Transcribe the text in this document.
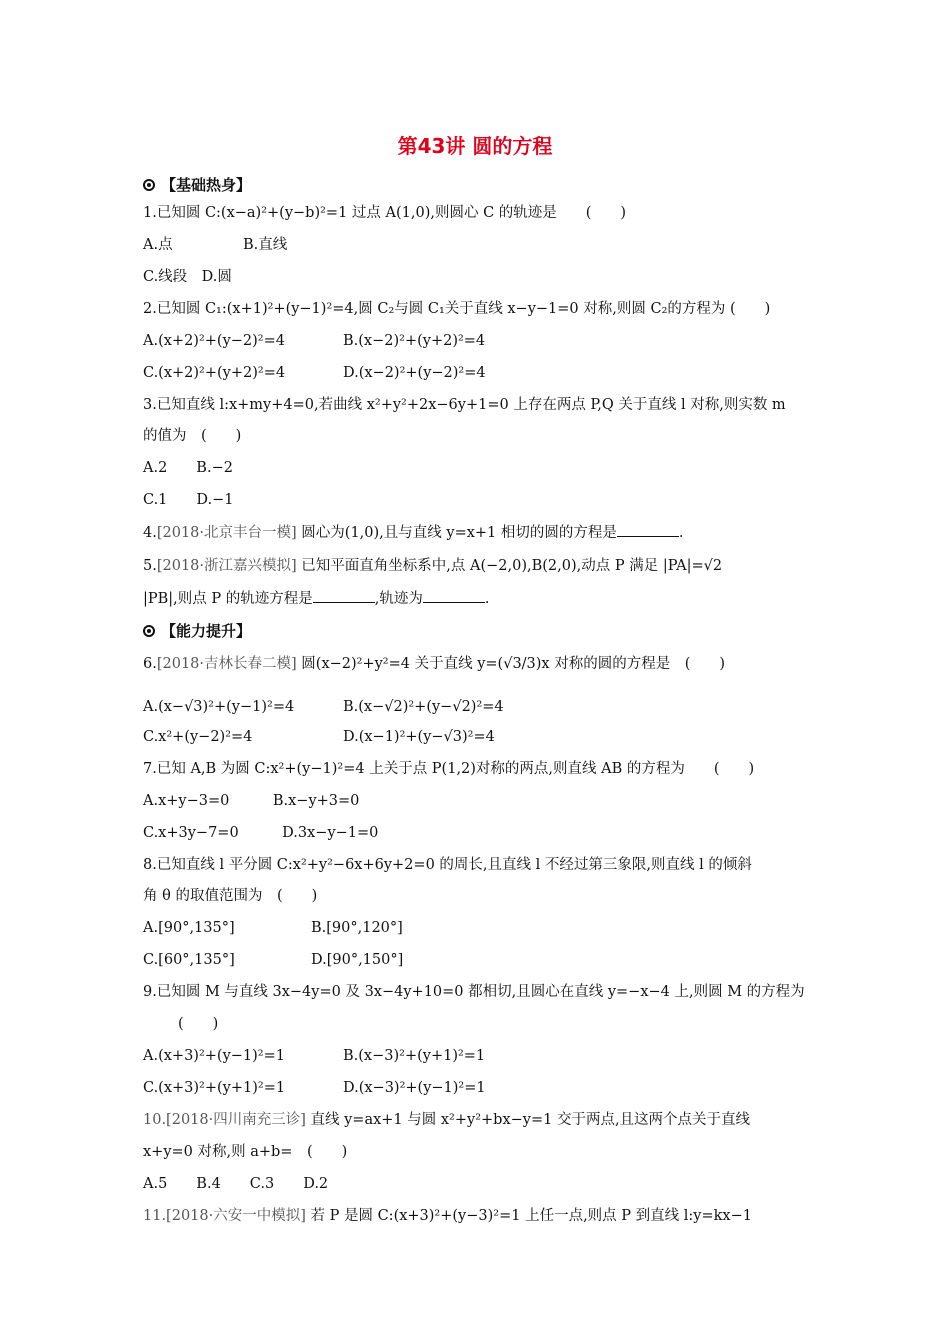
第43讲 圆的方程
【基础热身】
1.已知圆 C:(x−a)²+(y−b)²=1 过点 A(1,0),则圆心 C 的轨迹是　　(　　)
A.点	B.直线
C.线段　D.圆
2.已知圆 C₁:(x+1)²+(y−1)²=4,圆 C₂与圆 C₁关于直线 x−y−1=0 对称,则圆 C₂的方程为 (　　)
A.(x+2)²+(y−2)²=4	B.(x−2)²+(y+2)²=4
C.(x+2)²+(y+2)²=4	D.(x−2)²+(y−2)²=4
3.已知直线 l:x+my+4=0,若曲线 x²+y²+2x−6y+1=0 上存在两点 P,Q 关于直线 l 对称,则实数 m
的值为　(　　)
A.2　　B.−2
C.1　　D.−1
4.[2018·北京丰台一模] 圆心为(1,0),且与直线 y=x+1 相切的圆的方程是	.
5.[2018·浙江嘉兴模拟] 已知平面直角坐标系中,点 A(−2,0),B(2,0),动点 P 满足 |PA|=√2
|PB|,则点 P 的轨迹方程是	,轨迹为	.
【能力提升】
6.[2018·吉林长春二模] 圆(x−2)²+y²=4 关于直线 y=(√3/3)x 对称的圆的方程是　(　　)
A.(x−√3)²+(y−1)²=4	B.(x−√2)²+(y−√2)²=4
C.x²+(y−2)²=4	D.(x−1)²+(y−√3)²=4
7.已知 A,B 为圆 C:x²+(y−1)²=4 上关于点 P(1,2)对称的两点,则直线 AB 的方程为　　(　　)
A.x+y−3=0　　　B.x−y+3=0
C.x+3y−7=0　　　D.3x−y−1=0
8.已知直线 l 平分圆 C:x²+y²−6x+6y+2=0 的周长,且直线 l 不经过第三象限,则直线 l 的倾斜
角 θ 的取值范围为　(　　)
A.[90°,135°]	B.[90°,120°]
C.[60°,135°]	D.[90°,150°]
9.已知圆 M 与直线 3x−4y=0 及 3x−4y+10=0 都相切,且圆心在直线 y=−x−4 上,则圆 M 的方程为
(　　)
A.(x+3)²+(y−1)²=1	B.(x−3)²+(y+1)²=1
C.(x+3)²+(y+1)²=1	D.(x−3)²+(y−1)²=1
10.[2018·四川南充三诊] 直线 y=ax+1 与圆 x²+y²+bx−y=1 交于两点,且这两个点关于直线
x+y=0 对称,则 a+b=　(　　)
A.5　　B.4　　C.3　　D.2
11.[2018·六安一中模拟] 若 P 是圆 C:(x+3)²+(y−3)²=1 上任一点,则点 P 到直线 l:y=kx−1
